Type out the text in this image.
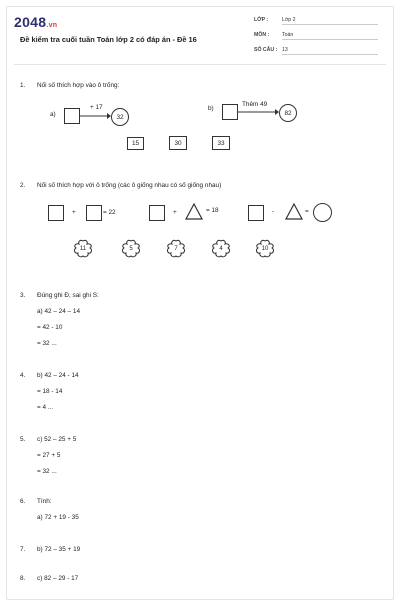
2048.vn
Đề kiểm tra cuối tuần Toán lớp 2 có đáp án - Đề 16
LỚP :	Lớp 2
MÔN : Toán
SỐ CÂU : 13
1. Nối số thích hợp vào ô trống:
a)
+ 17
32
b)
Thêm 49
82
15	30	33
2. Nối số thích hợp với ô trống (các ô giống nhau có số giống nhau)
+	= 22	+	= 18	-	=
11	5	7	4	10
3. Đúng ghi Đ, sai ghi S:
a) 42 – 24 – 14
= 42 - 10
= 32 ...
4. b) 42 – 24 - 14
= 18 - 14
= 4 ...
5. c) 52 – 25 + 5
= 27 + 5
= 32 ...
6. Tính:
a) 72 + 19 - 35
7. b) 72 – 35 + 19
8. c) 82 – 29 - 17
